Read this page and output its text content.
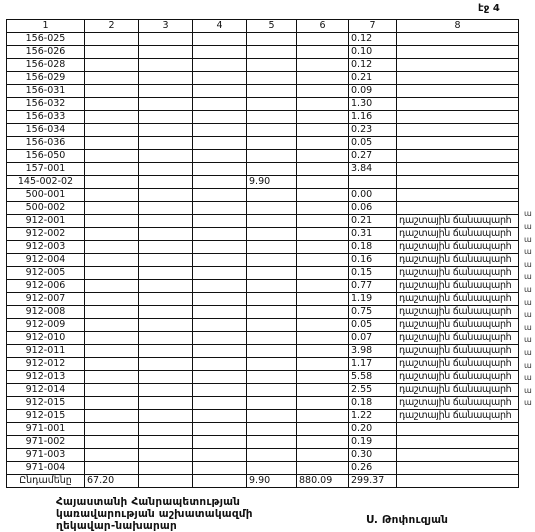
էջ 4
1	2	3	4	5	6	7	8
156-025						0.12	
156-026						0.10	
156-028						0.12	
156-029						0.21	
156-031						0.09	
156-032						1.30	
156-033						1.16	
156-034						0.23	
156-036						0.05	
156-050						0.27	
157-001						3.84	
145-002-02				9.90			
500-001						0.00	
500-002						0.06	
912-001						0.21	դաշտային ճանապարհ
912-002						0.31	դաշտային ճանապարհ
912-003						0.18	դաշտային ճանապարհ
912-004						0.16	դաշտային ճանապարհ
912-005						0.15	դաշտային ճանապարհ
912-006						0.77	դաշտային ճանապարհ
912-007						1.19	դաշտային ճանապարհ
912-008						0.75	դաշտային ճանապարհ
912-009						0.05	դաշտային ճանապարհ
912-010						0.07	դաշտային ճանապարհ
912-011						3.98	դաշտային ճանապարհ
912-012						1.17	դաշտային ճանապարհ
912-013						5.58	դաշտային ճանապարհ
912-014						2.55	դաշտային ճանապարհ
912-015						0.18	դաշտային ճանապարհ
912-015						1.22	դաշտային ճանապարհ
971-001						0.20	
971-002						0.19	
971-003						0.30	
971-004						0.26	
Ընդամենը	67.20			9.90	880.09	299.37	
ա
ա
ա
ա
ա
ա
ա
ա
ա
ա
ա
ա
ա
ա
ա
ա
Հայաստանի Հանրապետության
կառավարության աշխատակազմի
ղեկավար-նախարար	Ս. Թոփուզյան
